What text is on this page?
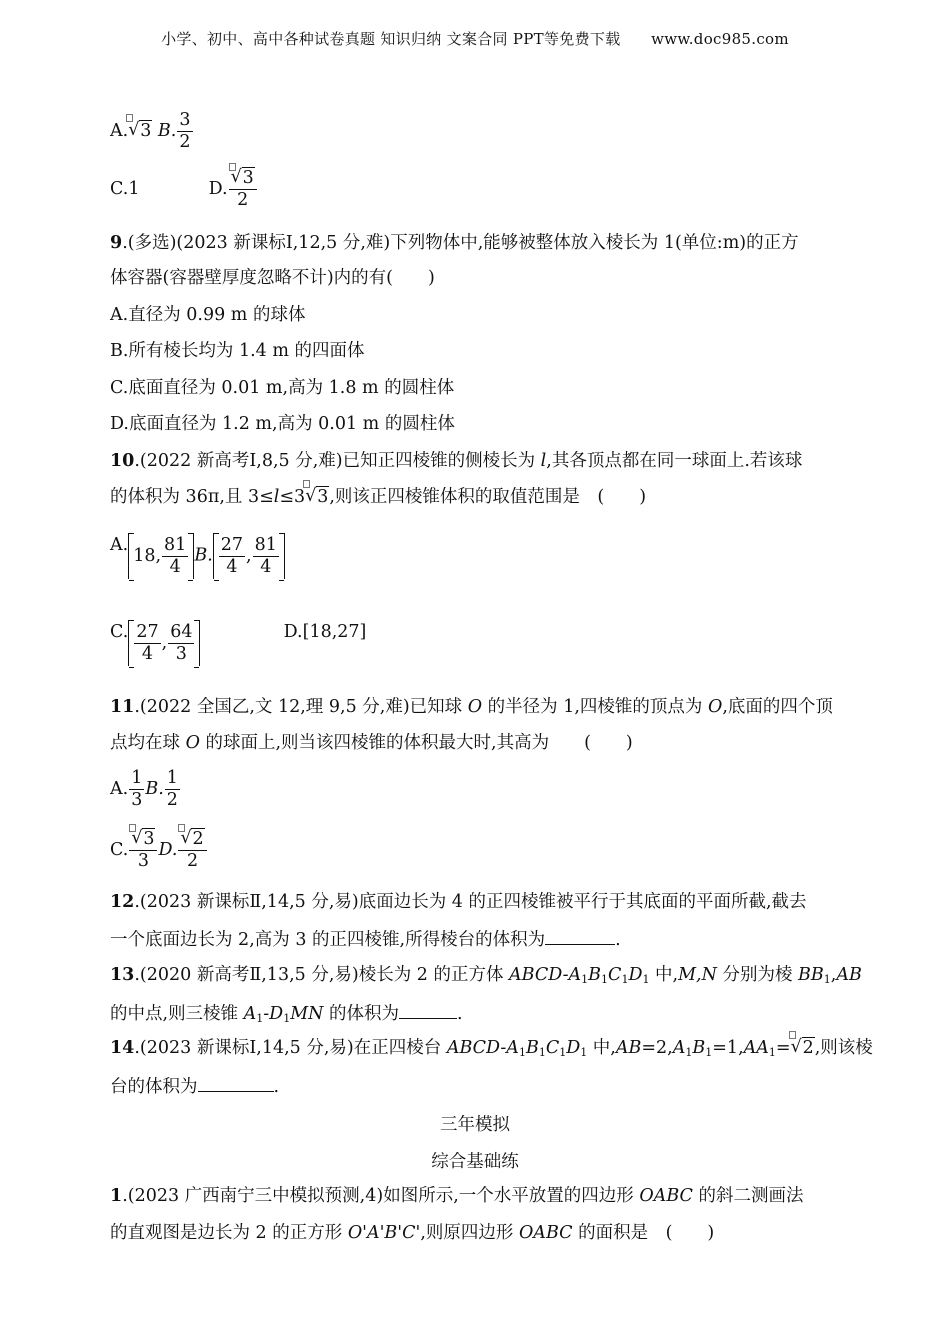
小学、初中、高中各种试卷真题 知识归纳 文案合同 PPT等免费下载　　www.doc985.com
A. √ 3 B. $\frac{3}{2}$
C.1	D. √ $\frac{3}{2}$
9.(多选)(2023 新课标Ⅰ,12,5 分,难)下列物体中,能够被整体放入棱长为 1(单位:m)的正方
体容器(容器壁厚度忽略不计)内的有(　　)
A.直径为 0.99 m 的球体
B.所有棱长均为 1.4 m 的四面体
C.底面直径为 0.01 m,高为 1.8 m 的圆柱体
D.底面直径为 1.2 m,高为 0.01 m 的圆柱体
10.(2022 新高考Ⅰ,8,5 分,难)已知正四棱锥的侧棱长为 l,其各顶点都在同一球面上.若该球
的体积为 36π,且 3≤l≤3 √ 3,则该正四棱锥体积的取值范围是　(　　)
A.
18, $\frac{81}{4} B$. $\frac{27}{4}$ , $\frac{81}{4}$
C. $\frac{27}{4}$ , $\frac{64}{3}$	D.[18,27]
11.(2022 全国乙,文 12,理 9,5 分,难)已知球 O 的半径为 1,四棱锥的顶点为 O,底面的四个顶
点均在球 O 的球面上,则当该四棱锥的体积最大时,其高为　　(　　)
A. $\frac{1}{3} B$. $\frac{1}{2}$
C. √ $\frac{3}{3} D$. √ $\frac{2}{2}$
12.(2023 新课标Ⅱ,14,5 分,易)底面边长为 4 的正四棱锥被平行于其底面的平面所截,截去
一个底面边长为 2,高为 3 的正四棱锥,所得棱台的体积为	.
13.(2020 新高考Ⅱ,13,5 分,易)棱长为 2 的正方体 ABCD-$A_1B_1C_1D_1$ 中,M,N 分别为棱 $BB_1,AB$
的中点,则三棱锥 $A_1-D_1MN$ 的体积为	.
14.(2023 新课标Ⅰ,14,5 分,易)在正四棱台 ABCD-$A_1B_1C_1D_1$ 中$,AB=2,A_1B_1=1,AA_1=$ √ 2,则该棱
台的体积为	.
三年模拟
综合基础练
1.(2023 广西南宁三中模拟预测,4)如图所示,一个水平放置的四边形 OABC 的斜二测画法
的直观图是边长为 2 的正方形 O'A'B'C',则原四边形 OABC 的面积是　(　　)
